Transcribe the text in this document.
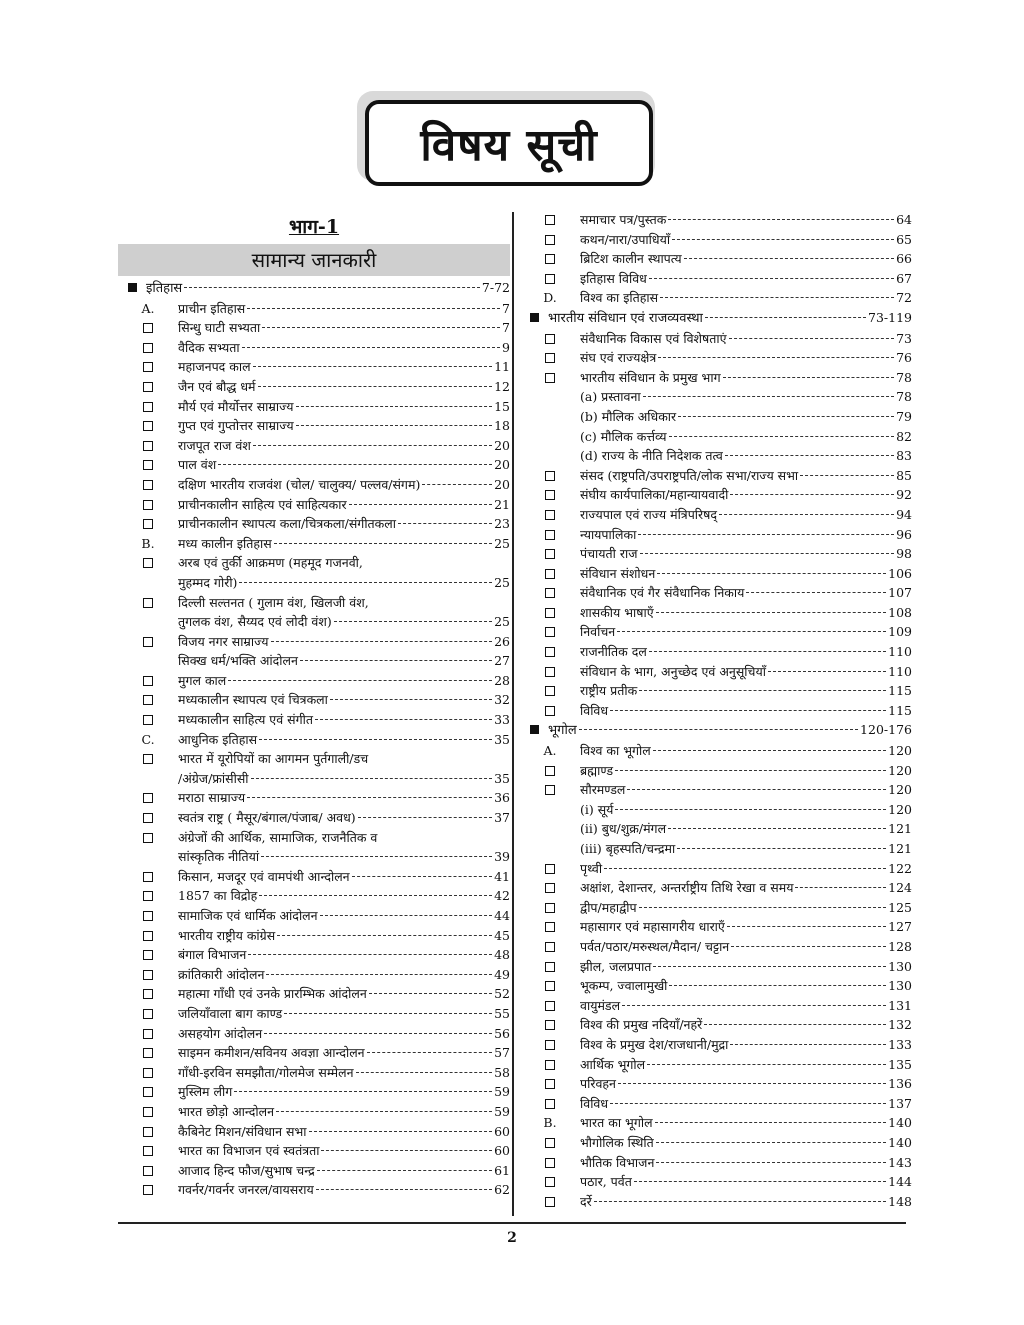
विषय सूची
भाग-1
सामान्य जानकारी
इतिहास	7-72
A. प्राचीन इतिहास	7
सिन्धु घाटी सभ्यता	7
वैदिक सभ्यता	9
महाजनपद काल	11
जैन एवं बौद्ध धर्म	12
मौर्य एवं मौर्योत्तर साम्राज्य	15
गुप्त एवं गुप्तोत्तर साम्राज्य	18
राजपूत राज वंश	20
पाल वंश	20
दक्षिण भारतीय राजवंश (चोल/ चालुक्य/ पल्लव/संगम)	20
प्राचीनकालीन साहित्य एवं साहित्यकार	21
प्राचीनकालीन स्थापत्य कला/चित्रकला/संगीतकला	23
B. मध्य कालीन इतिहास	25
अरब एवं तुर्की आक्रमण (महमूद गजनवी,
मुहम्मद गोरी)	25
दिल्ली सल्तनत ( गुलाम वंश, खिलजी वंश,
तुगलक वंश, सैय्यद एवं लोदी वंश)	25
विजय नगर साम्राज्य	26
सिक्ख धर्म/भक्ति आंदोलन	27
मुगल काल	28
मध्यकालीन स्थापत्य एवं चित्रकला	32
मध्यकालीन साहित्य एवं संगीत	33
C. आधुनिक इतिहास	35
भारत में यूरोपियों का आगमन पुर्तगाली/डच
/अंग्रेज/फ्रांसीसी	35
मराठा साम्राज्य	36
स्वतंत्र राष्ट्र ( मैसूर/बंगाल/पंजाब/ अवध)	37
अंग्रेजों की आर्थिक, सामाजिक, राजनैतिक व
सांस्कृतिक नीतियां	39
किसान, मजदूर एवं वामपंथी आन्दोलन	41
1857 का विद्रोह	42
सामाजिक एवं धार्मिक आंदोलन	44
भारतीय राष्ट्रीय कांग्रेस	45
बंगाल विभाजन	48
क्रांतिकारी आंदोलन	49
महात्मा गाँधी एवं उनके प्रारम्भिक आंदोलन	52
जलियाँवाला बाग काण्ड	55
असहयोग आंदोलन	56
साइमन कमीशन/सविनय अवज्ञा आन्दोलन	57
गाँधी-इरविन समझौता/गोलमेज सम्मेलन	58
मुस्लिम लीग	59
भारत छोड़ो आन्दोलन	59
कैबिनेट मिशन/संविधान सभा	60
भारत का विभाजन एवं स्वतंत्रता	60
आजाद हिन्द फौज/सुभाष चन्द्र	61
गवर्नर/गवर्नर जनरल/वायसराय	62
समाचार पत्र/पुस्तक	64
कथन/नारा/उपाधियाँ	65
ब्रिटिश कालीन स्थापत्य	66
इतिहास विविध	67
D. विश्व का इतिहास	72
भारतीय संविधान एवं राजव्यवस्था	73-119
संवैधानिक विकास एवं विशेषताएं	73
संघ एवं राज्यक्षेत्र	76
भारतीय संविधान के प्रमुख भाग	78
(a) प्रस्तावना	78
(b) मौलिक अधिकार	79
(c) मौलिक कर्त्तव्य	82
(d) राज्य के नीति निदेशक तत्व	83
संसद (राष्ट्रपति/उपराष्ट्रपति/लोक सभा/राज्य सभा	85
संघीय कार्यपालिका/महान्यायवादी	92
राज्यपाल एवं राज्य मंत्रिपरिषद्	94
न्यायपालिका	96
पंचायती राज	98
संविधान संशोधन	106
संवैधानिक एवं गैर संवैधानिक निकाय	107
शासकीय भाषाएँ	108
निर्वाचन	109
राजनीतिक दल	110
संविधान के भाग, अनुच्छेद एवं अनुसूचियाँ	110
राष्ट्रीय प्रतीक	115
विविध	115
भूगोल	120-176
A. विश्व का भूगोल	120
ब्रह्माण्ड	120
सौरमण्डल	120
(i) सूर्य	120
(ii) बुध/शुक्र/मंगल	121
(iii) बृहस्पति/चन्द्रमा	121
पृथ्वी	122
अक्षांश, देशान्तर, अन्तर्राष्ट्रीय तिथि रेखा व समय	124
द्वीप/महाद्वीप	125
महासागर एवं महासागरीय धाराएँ	127
पर्वत/पठार/मरुस्थल/मैदान/ चट्टान	128
झील, जलप्रपात	130
भूकम्प, ज्वालामुखी	130
वायुमंडल	131
विश्व की प्रमुख नदियाँ/नहरें	132
विश्व के प्रमुख देश/राजधानी/मुद्रा	133
आर्थिक भूगोल	135
परिवहन	136
विविध	137
B. भारत का भूगोल	140
भौगोलिक स्थिति	140
भौतिक विभाजन	143
पठार, पर्वत	144
दर्रे	148
2
